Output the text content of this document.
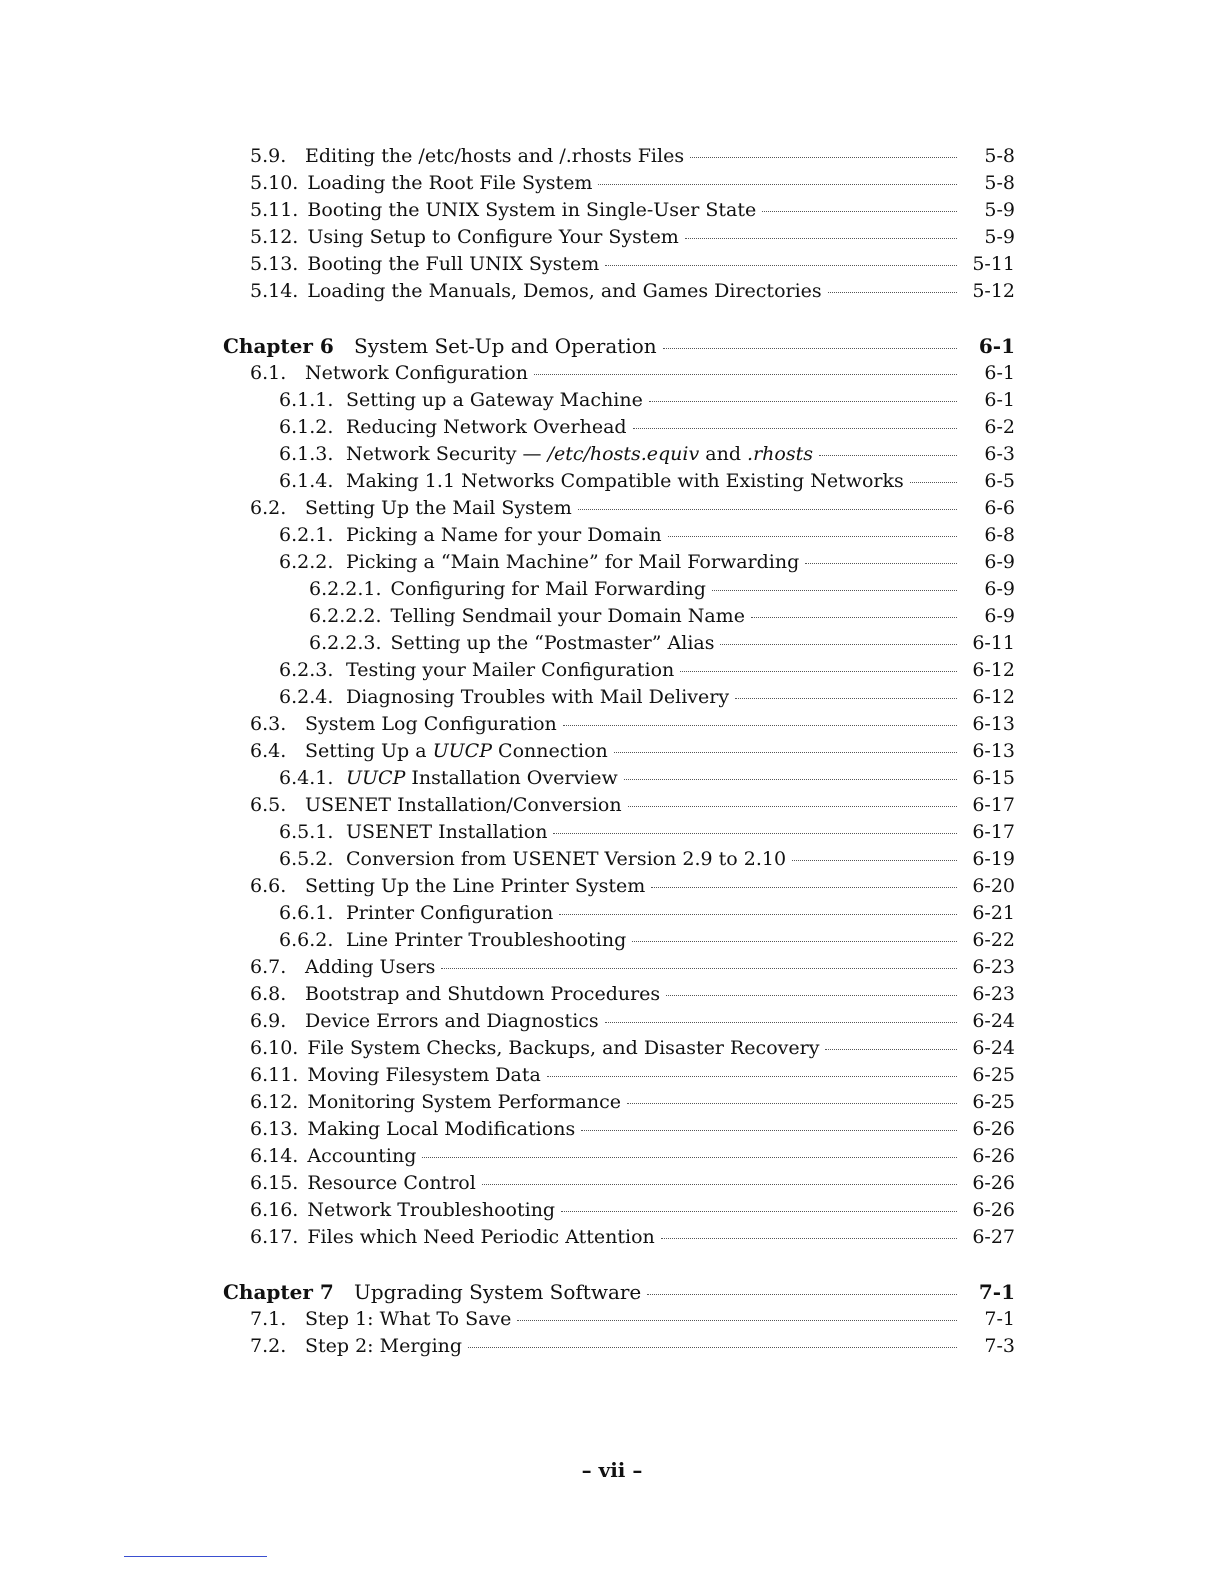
5.9. Editing the /etc/hosts and /.rhosts Files	5-8
5.10. Loading the Root File System	5-8
5.11. Booting the UNIX System in Single-User State	5-9
5.12. Using Setup to Configure Your System	5-9
5.13. Booting the Full UNIX System	5-11
5.14. Loading the Manuals, Demos, and Games Directories	5-12
Chapter 6	System Set-Up and Operation	6-1
6.1. Network Configuration	6-1
6.1.1. Setting up a Gateway Machine	6-1
6.1.2. Reducing Network Overhead	6-2
6.1.3. Network Security — /etc/hosts.equiv and .rhosts	6-3
6.1.4. Making 1.1 Networks Compatible with Existing Networks	6-5
6.2. Setting Up the Mail System	6-6
6.2.1. Picking a Name for your Domain	6-8
6.2.2. Picking a “Main Machine” for Mail Forwarding	6-9
6.2.2.1. Configuring for Mail Forwarding	6-9
6.2.2.2. Telling Sendmail your Domain Name	6-9
6.2.2.3. Setting up the “Postmaster” Alias	6-11
6.2.3. Testing your Mailer Configuration	6-12
6.2.4. Diagnosing Troubles with Mail Delivery	6-12
6.3. System Log Configuration	6-13
6.4. Setting Up a UUCP Connection	6-13
6.4.1. UUCP Installation Overview	6-15
6.5. USENET Installation/Conversion	6-17
6.5.1. USENET Installation	6-17
6.5.2. Conversion from USENET Version 2.9 to 2.10	6-19
6.6. Setting Up the Line Printer System	6-20
6.6.1. Printer Configuration	6-21
6.6.2. Line Printer Troubleshooting	6-22
6.7. Adding Users	6-23
6.8. Bootstrap and Shutdown Procedures	6-23
6.9. Device Errors and Diagnostics	6-24
6.10. File System Checks, Backups, and Disaster Recovery	6-24
6.11. Moving Filesystem Data	6-25
6.12. Monitoring System Performance	6-25
6.13. Making Local Modifications	6-26
6.14. Accounting	6-26
6.15. Resource Control	6-26
6.16. Network Troubleshooting	6-26
6.17. Files which Need Periodic Attention	6-27
Chapter 7	Upgrading System Software	7-1
7.1. Step 1: What To Save	7-1
7.2. Step 2: Merging	7-3
– vii –
